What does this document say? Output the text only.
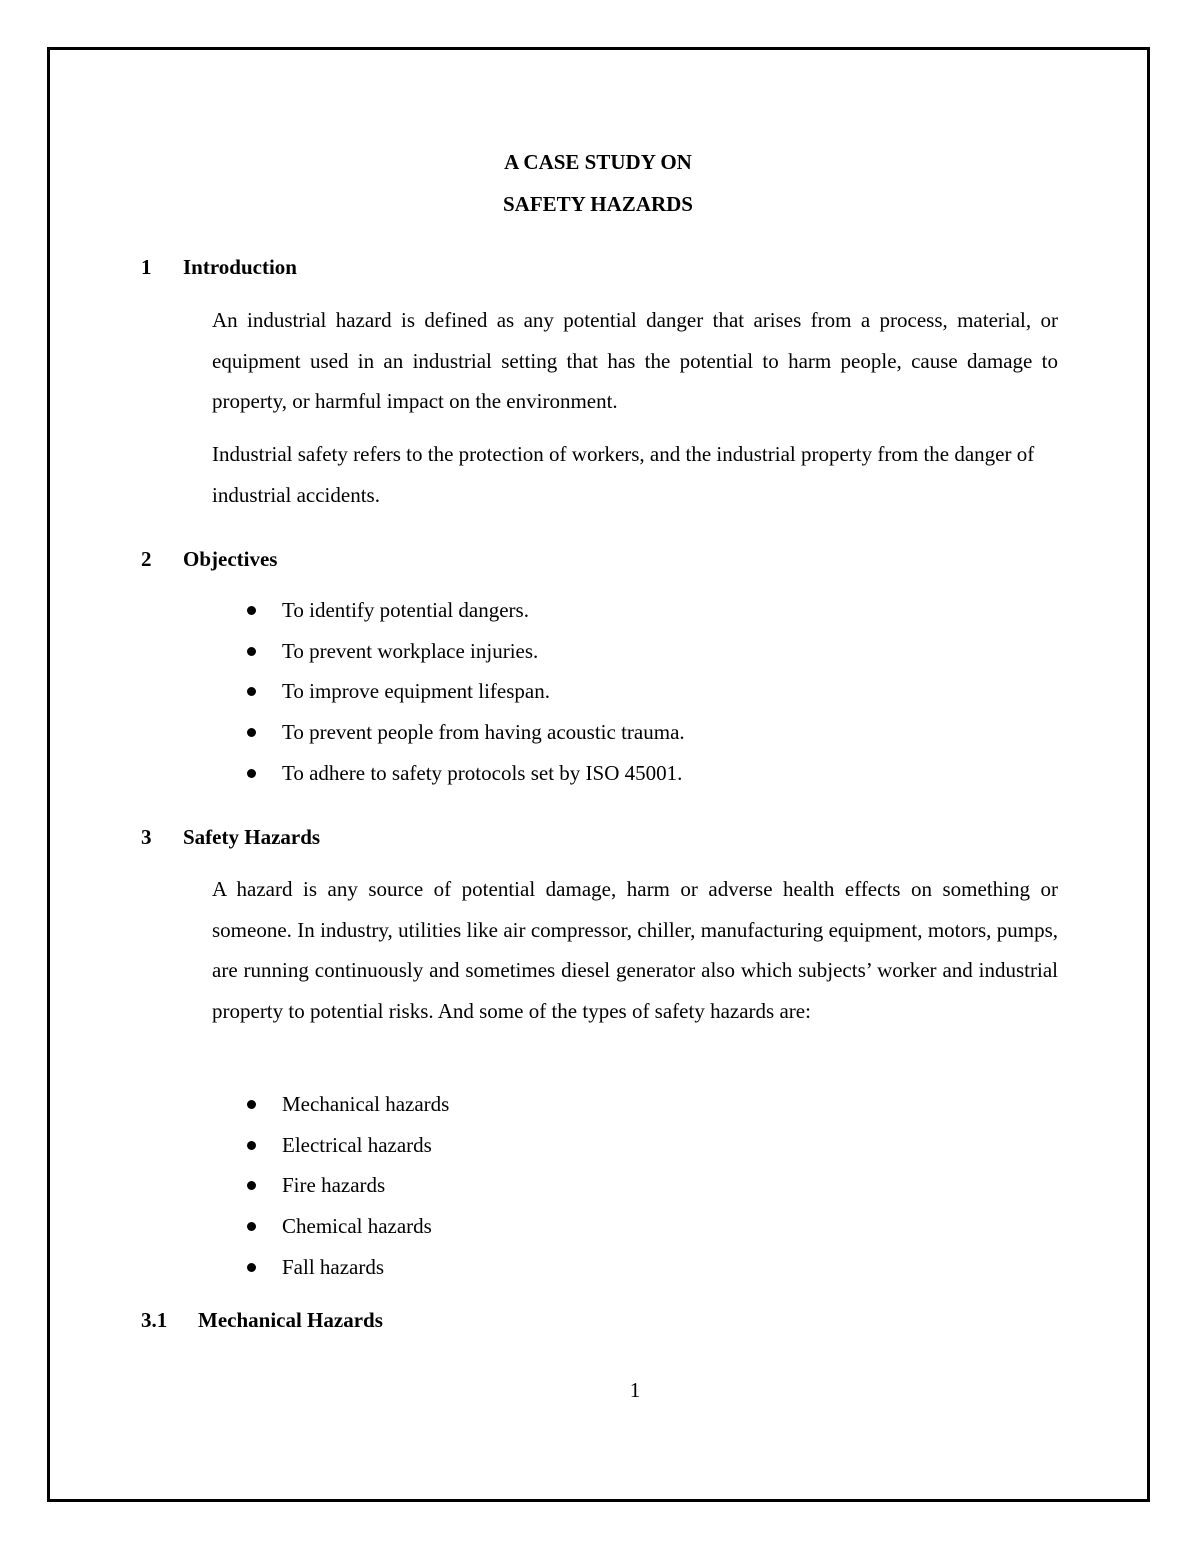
A CASE STUDY ON

SAFETY HAZARDS

1 Introduction

An industrial hazard is defined as any potential danger that arises from a process, material, or equipment used in an industrial setting that has the potential to harm people, cause damage to property, or harmful impact on the environment.

Industrial safety refers to the protection of workers, and the industrial property from the danger of industrial accidents.

2 Objectives
To identify potential dangers.
To prevent workplace injuries.
To improve equipment lifespan.
To prevent people from having acoustic trauma.
To adhere to safety protocols set by ISO 45001.
3 Safety Hazards

A hazard is any source of potential damage, harm or adverse health effects on something or someone. In industry, utilities like air compressor, chiller, manufacturing equipment, motors, pumps, are running continuously and sometimes diesel generator also which subjects’ worker and industrial property to potential risks. And some of the types of safety hazards are:

Mechanical hazards
Electrical hazards
Fire hazards
Chemical hazards
Fall hazards
3.1 Mechanical Hazards

1
